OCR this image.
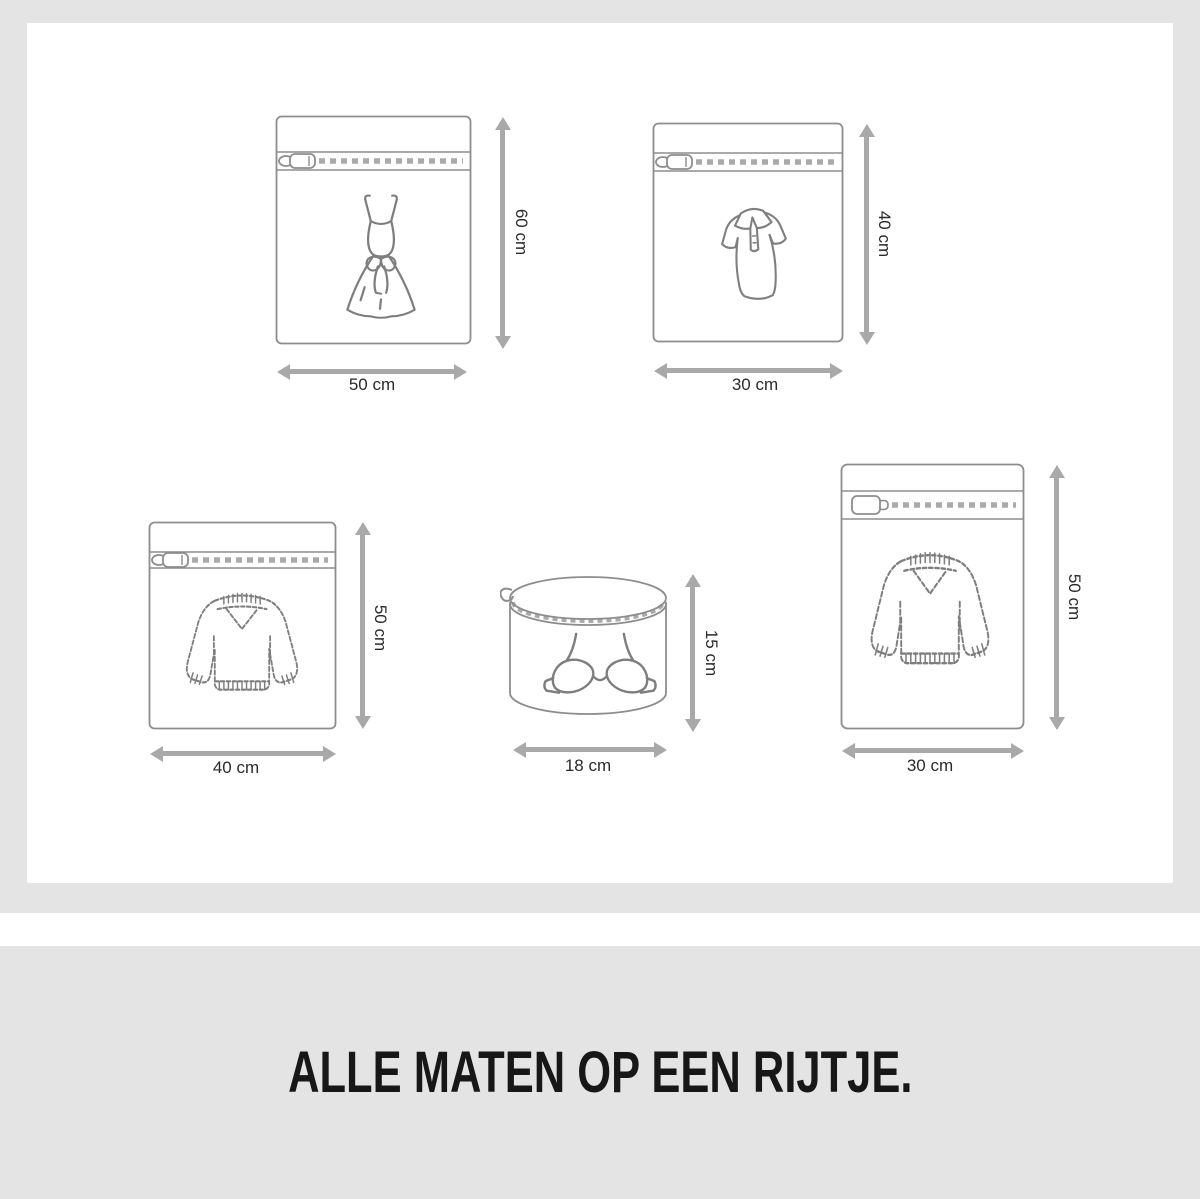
60 cm
50 cm
40 cm
30 cm
50 cm
40 cm
15 cm
18 cm
50 cm
30 cm
ALLE MATEN OP EEN RIJTJE.
